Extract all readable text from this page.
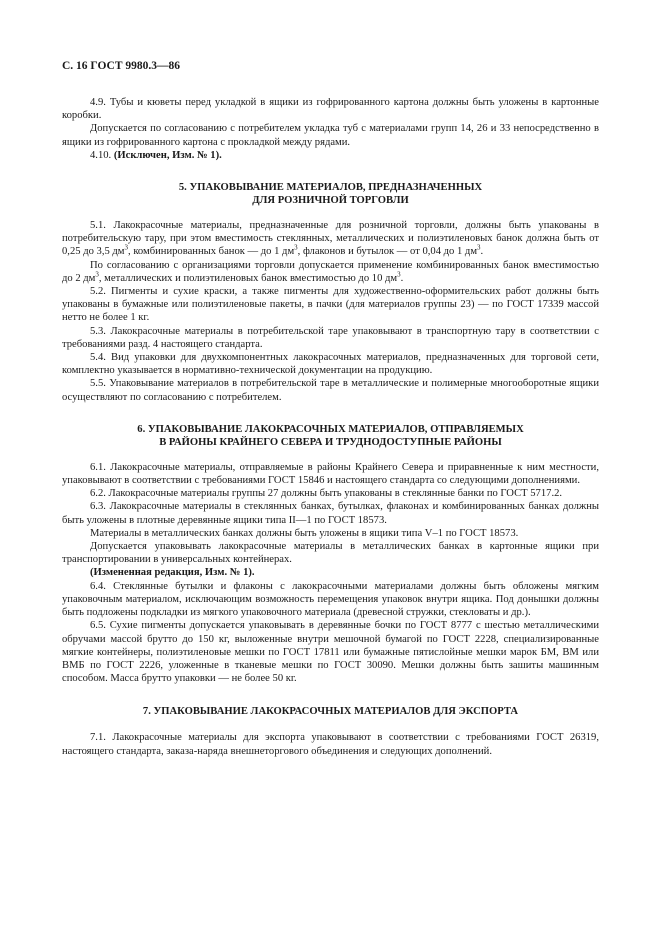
С. 16 ГОСТ 9980.3—86

4.9. Тубы и кюветы перед укладкой в ящики из гофрированного картона должны быть уложены в картонные коробки.

Допускается по согласованию с потребителем укладка туб с материалами групп 14, 26 и 33 непосредственно в ящики из гофрированного картона с прокладкой между рядами.

4.10. (Исключен, Изм. № 1).

5. УПАКОВЫВАНИЕ МАТЕРИАЛОВ, ПРЕДНАЗНАЧЕННЫХ
ДЛЯ РОЗНИЧНОЙ ТОРГОВЛИ

5.1. Лакокрасочные материалы, предназначенные для розничной торговли, должны быть упакованы в потребительскую тару, при этом вместимость стеклянных, металлических и полиэтиленовых банок должна быть от 0,25 до 3,5 $дм^3$, комбинированных банок — до 1 $дм^3$, флаконов и бутылок — от 0,04 до 1 $дм^3$.

По согласованию с организациями торговли допускается применение комбинированных банок вместимостью до 2 $дм^3$, металлических и полиэтиленовых банок вместимостью до 10 $дм^3$.

5.2. Пигменты и сухие краски, а также пигменты для художественно-оформительских работ должны быть упакованы в бумажные или полиэтиленовые пакеты, в пачки (для материалов группы 23) — по ГОСТ 17339 массой нетто не более 1 кг.

5.3. Лакокрасочные материалы в потребительской таре упаковывают в транспортную тару в соответствии с требованиями разд. 4 настоящего стандарта.

5.4. Вид упаковки для двухкомпонентных лакокрасочных материалов, предназначенных для торговой сети, комплектно указывается в нормативно-технической документации на продукцию.

5.5. Упаковывание материалов в потребительской таре в металлические и полимерные многооборотные ящики осуществляют по согласованию с потребителем.

6. УПАКОВЫВАНИЕ ЛАКОКРАСОЧНЫХ МАТЕРИАЛОВ, ОТПРАВЛЯЕМЫХ
В РАЙОНЫ КРАЙНЕГО СЕВЕРА И ТРУДНОДОСТУПНЫЕ РАЙОНЫ

6.1. Лакокрасочные материалы, отправляемые в районы Крайнего Севера и приравненные к ним местности, упаковывают в соответствии с требованиями ГОСТ 15846 и настоящего стандарта со следующими дополнениями.

6.2. Лакокрасочные материалы группы 27 должны быть упакованы в стеклянные банки по ГОСТ 5717.2.

6.3. Лакокрасочные материалы в стеклянных банках, бутылках, флаконах и комбинированных банках должны быть уложены в плотные деревянные ящики типа II—1 по ГОСТ 18573.

Материалы в металлических банках должны быть уложены в ящики типа V–1 по ГОСТ 18573.

Допускается упаковывать лакокрасочные материалы в металлических банках в картонные ящики при транспортировании в универсальных контейнерах.

(Измененная редакция, Изм. № 1).

6.4. Стеклянные бутылки и флаконы с лакокрасочными материалами должны быть обложены мягким упаковочным материалом, исключающим возможность перемещения упаковок внутри ящика. Под донышки должны быть подложены подкладки из мягкого упаковочного материала (древесной стружки, стекловаты и др.).

6.5. Сухие пигменты допускается упаковывать в деревянные бочки по ГОСТ 8777 с шестью металлическими обручами массой брутто до 150 кг, выложенные внутри мешочной бумагой по ГОСТ 2228, специализированные мягкие контейнеры, полиэтиленовые мешки по ГОСТ 17811 или бумажные пятислойные мешки марок БМ, ВМ или ВМБ по ГОСТ 2226, уложенные в тканевые мешки по ГОСТ 30090. Мешки должны быть зашиты машинным способом. Масса брутто упаковки — не более 50 кг.

7. УПАКОВЫВАНИЕ ЛАКОКРАСОЧНЫХ МАТЕРИАЛОВ ДЛЯ ЭКСПОРТА

7.1. Лакокрасочные материалы для экспорта упаковывают в соответствии с требованиями ГОСТ 26319, настоящего стандарта, заказа-наряда внешнеторгового объединения и следующих дополнений.
